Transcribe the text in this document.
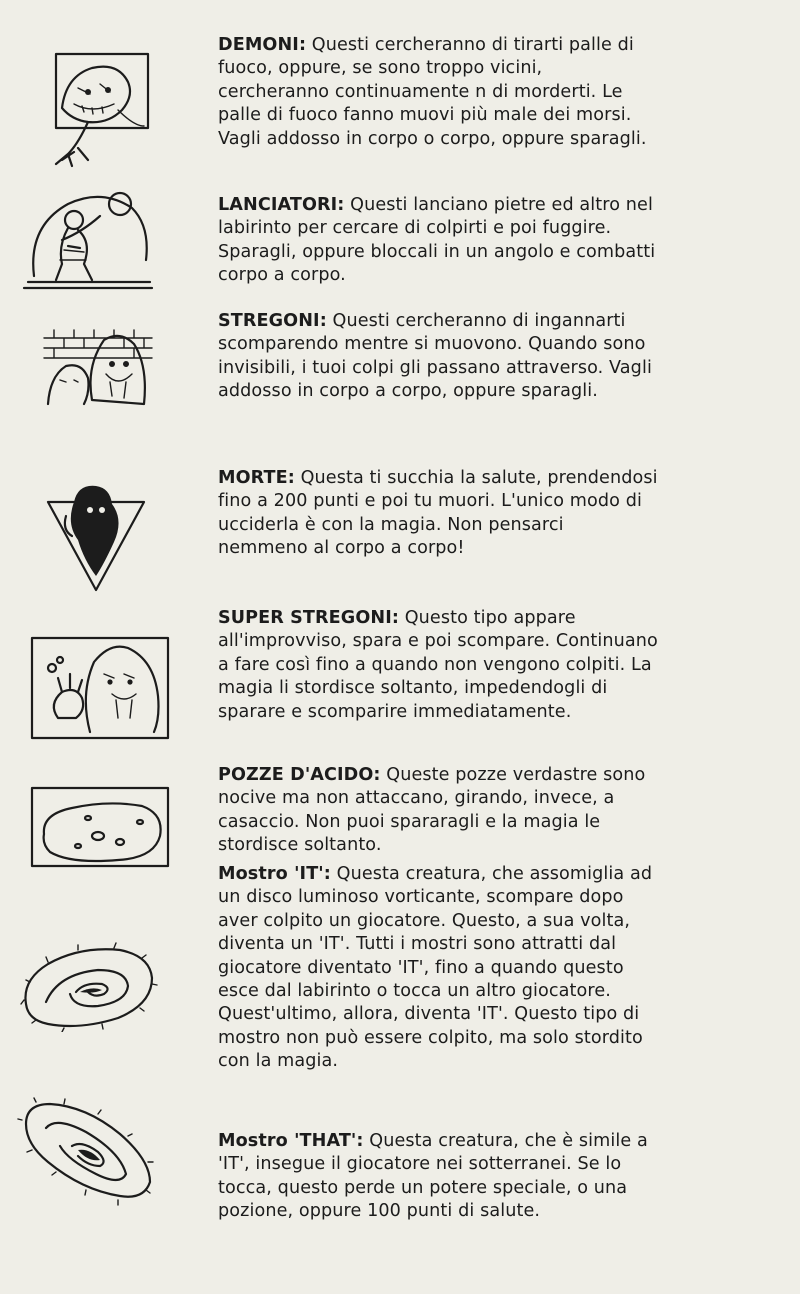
DEMONI: Questi cercheranno di tirarti palle di fuoco, oppure, se sono troppo vicini, cercheranno continuamente n di morderti. Le palle di fuoco fanno muovi più male dei morsi. Vagli addosso in corpo o corpo, oppure sparagli.
LANCIATORI: Questi lanciano pietre ed altro nel labirinto per cercare di colpirti e poi fuggire. Sparagli, oppure bloccali in un angolo e combatti corpo a corpo.
STREGONI: Questi cercheranno di ingannarti scomparendo mentre si muovono. Quando sono invisibili, i tuoi colpi gli passano attraverso. Vagli addosso in corpo a corpo, oppure sparagli.
MORTE: Questa ti succhia la salute, prendendosi fino a 200 punti e poi tu muori. L'unico modo di ucciderla è con la magia. Non pensarci nemmeno al corpo a corpo!
SUPER STREGONI: Questo tipo appare all'improvviso, spara e poi scompare. Continuano a fare così fino a quando non vengono colpiti. La magia li stordisce soltanto, impedendogli di sparare e scomparire immediatamente.
POZZE D'ACIDO: Queste pozze verdastre sono nocive ma non attaccano, girando, invece, a casaccio. Non puoi spararagli e la magia le stordisce soltanto.
Mostro 'IT': Questa creatura, che assomiglia ad un disco luminoso vorticante, scompare dopo aver colpito un giocatore. Questo, a sua volta, diventa un 'IT'. Tutti i mostri sono attratti dal giocatore diventato 'IT', fino a quando questo esce dal labirinto o tocca un altro giocatore. Quest'ultimo, allora, diventa 'IT'. Questo tipo di mostro non può essere colpito, ma solo stordito con la magia.
Mostro 'THAT': Questa creatura, che è simile a 'IT', insegue il giocatore nei sotterranei. Se lo tocca, questo perde un potere speciale, o una pozione, oppure 100 punti di salute.
